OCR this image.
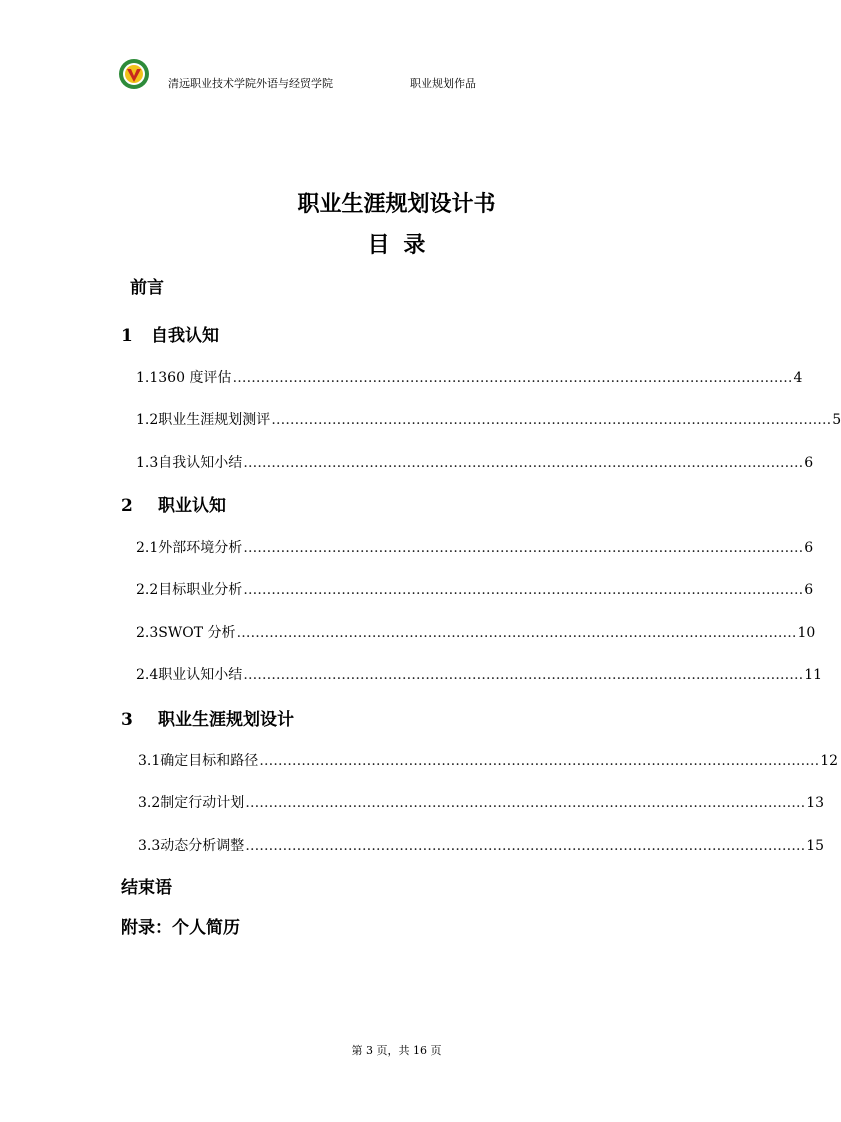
清远职业技术学院外语与经贸学院	职业规划作品
职业生涯规划设计书
目 录
前言
1 自我认知
1.1 360 度评估 ………………………………………………………………………………………………………… 4
1.2 职业生涯规划测评 ………………………………………………………………………………………………………… 5
1.3 自我认知小结 ………………………………………………………………………………………………………… 6
2 职业认知
2.1 外部环境分析 ………………………………………………………………………………………………………… 6
2.2 目标职业分析 ………………………………………………………………………………………………………… 6
2.3 SWOT 分析 ………………………………………………………………………………………………………… 10
2.4 职业认知小结 ………………………………………………………………………………………………………… 11
3 职业生涯规划设计
3.1 确定目标和路径 ………………………………………………………………………………………………………… 12
3.2 制定行动计划 ………………………………………………………………………………………………………… 13
3.3 动态分析调整 ………………………………………………………………………………………………………… 15
结束语
附录：个人简历
第 3 页，共 16 页
